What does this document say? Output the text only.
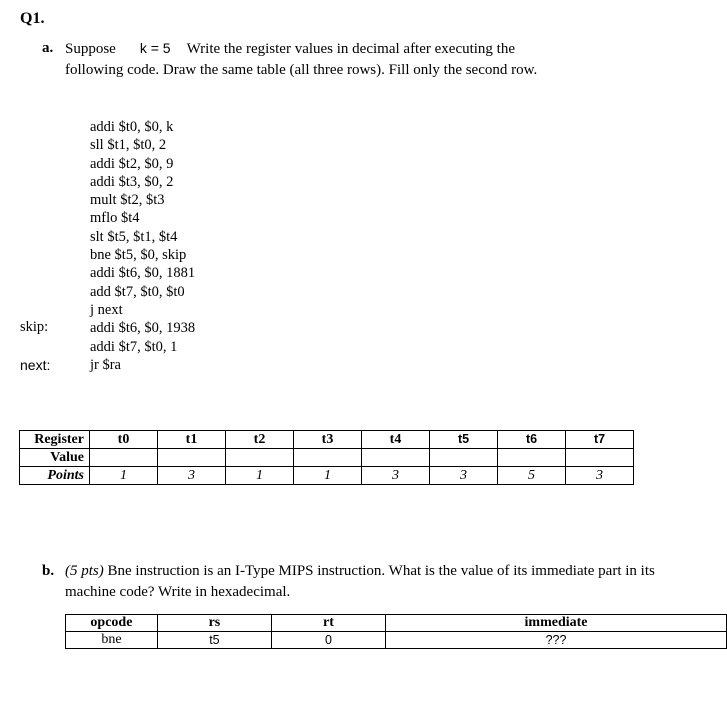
Q1.
a. Suppose k = 5 Write the register values in decimal after executing the
following code. Draw the same table (all three rows). Fill only the second row.
addi $t0, $0, k
sll $t1, $t0, 2
addi $t2, $0, 9
addi $t3, $0, 2
mult $t2, $t3
mflo $t4
slt $t5, $t1, $t4
bne $t5, $0, skip
addi $t6, $0, 1881
add $t7, $t0, $t0
j next
addi $t6, $0, 1938
addi $t7, $t0, 1
jr $ra
skip:
next:
Register	t0	t1	t2	t3	t4	t5	t6	t7
Value								
Points	1	3	1	1	3	3	5	3
b. (5 pts) Bne instruction is an I-Type MIPS instruction. What is the value of its immediate part in its
machine code? Write in hexadecimal.
opcode	rs	rt	immediate
bne	t5	0	???
